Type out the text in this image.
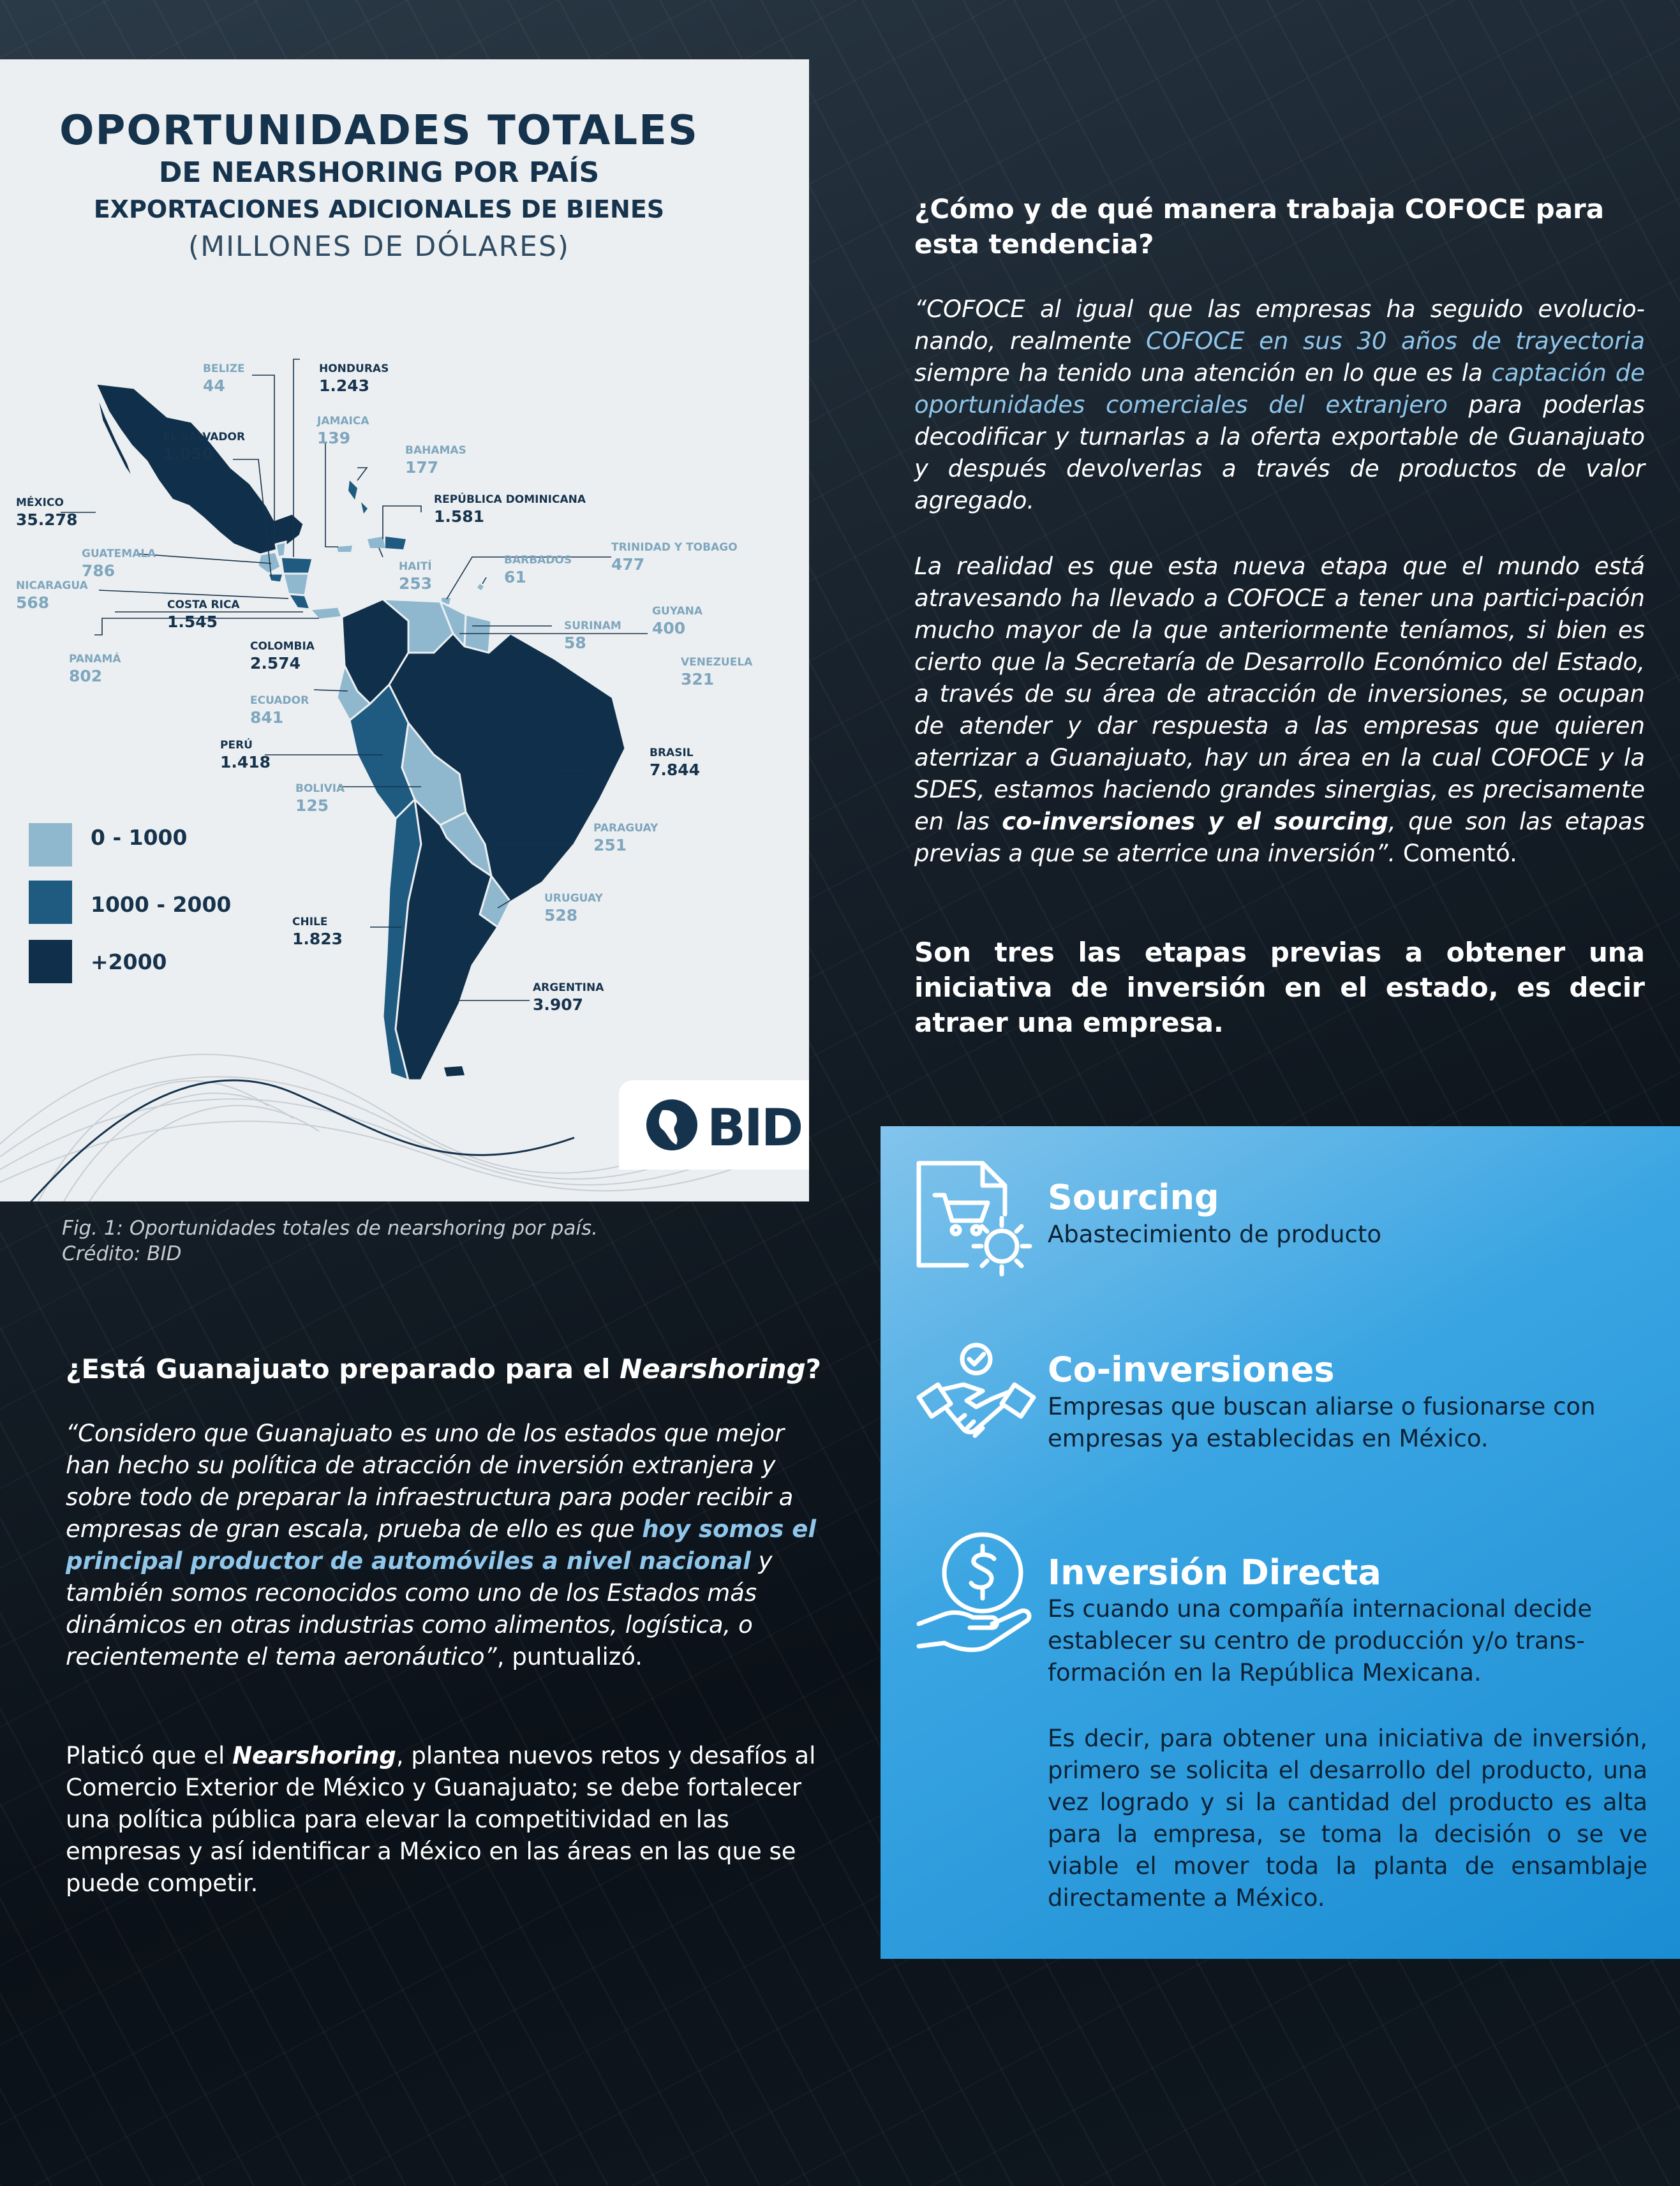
OPORTUNIDADES TOTALES
DE NEARSHORING POR PAÍS
EXPORTACIONES ADICIONALES DE BIENES
(MILLONES DE DÓLARES)
BELIZE
44
HONDURAS
1.243
JAMAICA
139
EL SALVADOR
1.050	BAHAMAS
177
MÉXICO
35.278
REPÚBLICA DOMINICANA
1.581
GUATEMALA
786	HAITÍ
253
BARBADOS
61
TRINIDAD Y TOBAGO
477
NICARAGUA
568	COSTA RICA
1.545
GUYANA
400
SURINAM
58
PANAMÁ
802
COLOMBIA
2.574	VENEZUELA
321
ECUADOR
841
PERÚ
1.418	BRASIL
7.844
BOLIVIA
125
PARAGUAY
251
URUGUAY
528
CHILE
1.823
ARGENTINA
3.907
0 - 1000
1000 - 2000
+2000
BID
Fig. 1: Oportunidades totales de nearshoring por país.
Crédito: BID
¿Cómo y de qué manera trabaja COFOCE para esta tendencia?
“COFOCE al igual que las empresas ha seguido evolucio-nando, realmente COFOCE en sus 30 años de trayectoria siempre ha tenido una atención en lo que es la captación de oportunidades comerciales del extranjero para poderlas decodificar y turnarlas a la oferta exportable de Guanajuato y después devolverlas a través de productos de valor agregado.
La realidad es que esta nueva etapa que el mundo está atravesando ha llevado a COFOCE a tener una partici-pación mucho mayor de la que anteriormente teníamos, si bien es cierto que la Secretaría de Desarrollo Económico del Estado, a través de su área de atracción de inversiones, se ocupan de atender y dar respuesta a las empresas que quieren aterrizar a Guanajuato, hay un área en la cual COFOCE y la SDES, estamos haciendo grandes sinergias, es precisamente en las co-inversiones y el sourcing, que son las etapas previas a que se aterrice una inversión”. Comentó.
Son tres las etapas previas a obtener una iniciativa de inversión en el estado, es decir atraer una empresa.
¿Está Guanajuato preparado para el Nearshoring?
“Considero que Guanajuato es uno de los estados que mejor han hecho su política de atracción de inversión extranjera y sobre todo de preparar la infraestructura para poder recibir a empresas de gran escala, prueba de ello es que hoy somos el principal productor de automóviles a nivel nacional y también somos reconocidos como uno de los Estados más dinámicos en otras industrias como alimentos, logística, o recientemente el tema aeronáutico”, puntualizó.
Platicó que el Nearshoring, plantea nuevos retos y desafíos al Comercio Exterior de México y Guanajuato; se debe fortalecer una política pública para elevar la competitividad en las empresas y así identificar a México en las áreas en las que se puede competir.
Sourcing
Abastecimiento de producto
Co-inversiones
Empresas que buscan aliarse o fusionarse con empresas ya establecidas en México.
Inversión Directa
Es cuando una compañía internacional decide establecer su centro de producción y/o trans-formación en la República Mexicana.
Es decir, para obtener una iniciativa de inversión, primero se solicita el desarrollo del producto, una vez logrado y si la cantidad del producto es alta para la empresa, se toma la decisión o se ve viable el mover toda la planta de ensamblaje directamente a México.
